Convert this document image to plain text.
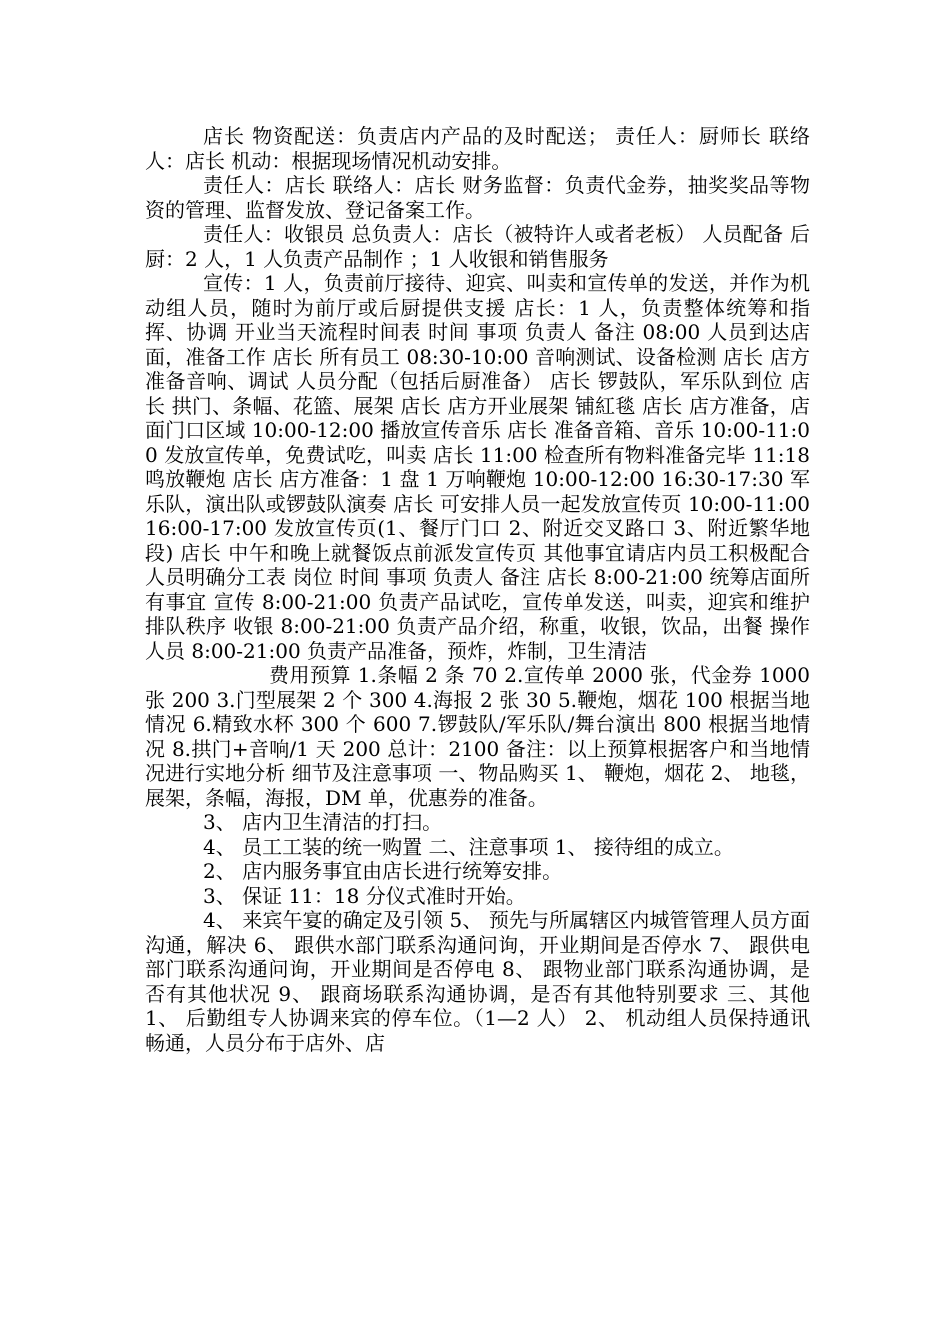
店长 物资配送：负责店内产品的及时配送； 责任人：厨师长 联络人：店长 机动：根据现场情况机动安排。

责任人：店长 联络人：店长 财务监督：负责代金券，抽奖奖品等物资的管理、监督发放、登记备案工作。

责任人：收银员 总负责人：店长（被特许人或者老板） 人员配备 后厨：2 人，1 人负责产品制作 ；1 人收银和销售服务

宣传：1 人，负责前厅接待、迎宾、叫卖和宣传单的发送，并作为机动组人员，随时为前厅或后厨提供支援 店长：1 人，负责整体统筹和指挥、协调 开业当天流程时间表 时间 事项 负责人 备注 08:00 人员到达店面，准备工作 店长 所有员工 08:30-10:00 音响测试、设备检测 店长 店方准备音响、调试 人员分配（包括后厨准备） 店长 锣鼓队，军乐队到位 店长 拱门、条幅、花篮、展架 店长 店方开业展架 铺紅毯 店长 店方准备，店面门口区域 10:00-12:00 播放宣传音乐 店长 准备音箱、音乐 10:00-11:00 发放宣传单，免费试吃，叫卖 店长 11:00 检查所有物料准备完毕 11:18 鸣放鞭炮 店长 店方准备：1 盘 1 万响鞭炮 10:00-12:00 16:30-17:30 军乐队，演出队或锣鼓队演奏 店长 可安排人员一起发放宣传页 10:00-11:00 16:00-17:00 发放宣传页(1、餐厅门口 2、附近交叉路口 3、附近繁华地段) 店长 中午和晚上就餐饭点前派发宣传页 其他事宜请店内员工积极配合 人员明确分工表 岗位 时间 事项 负责人 备注 店长 8:00-21:00 统筹店面所有事宜 宣传 8:00-21:00 负责产品试吃，宣传单发送，叫卖，迎宾和维护排队秩序 收银 8:00-21:00 负责产品介绍，称重，收银，饮品，出餐 操作人员 8:00-21:00 负责产品准备，预炸，炸制，卫生清洁

费用预算 1.条幅 2 条 70 2.宣传单 2000 张，代金券 1000 张 200 3.门型展架 2 个 300 4.海报 2 张 30 5.鞭炮，烟花 100 根据当地情况 6.精致水杯 300 个 600 7.锣鼓队/军乐队/舞台演出 800 根据当地情况 8.拱门+音响/1 天 200 总计：2100 备注：以上预算根据客户和当地情况进行实地分析 细节及注意事项 一、物品购买 1、 鞭炮，烟花 2、 地毯，展架，条幅，海报，DM 单，优惠券的准备。

3、 店内卫生清洁的打扫。

4、 员工工装的统一购置 二、注意事项 1、 接待组的成立。

2、 店内服务事宜由店长进行统筹安排。

3、 保证 11：18 分仪式准时开始。

4、 来宾午宴的确定及引领 5、 预先与所属辖区内城管管理人员方面沟通，解决 6、 跟供水部门联系沟通问询，开业期间是否停水 7、 跟供电部门联系沟通问询，开业期间是否停电 8、 跟物业部门联系沟通协调，是否有其他状况 9、 跟商场联系沟通协调，是否有其他特别要求 三、其他 1、 后勤组专人协调来宾的停车位。（1—2 人） 2、 机动组人员保持通讯畅通，人员分布于店外、店
